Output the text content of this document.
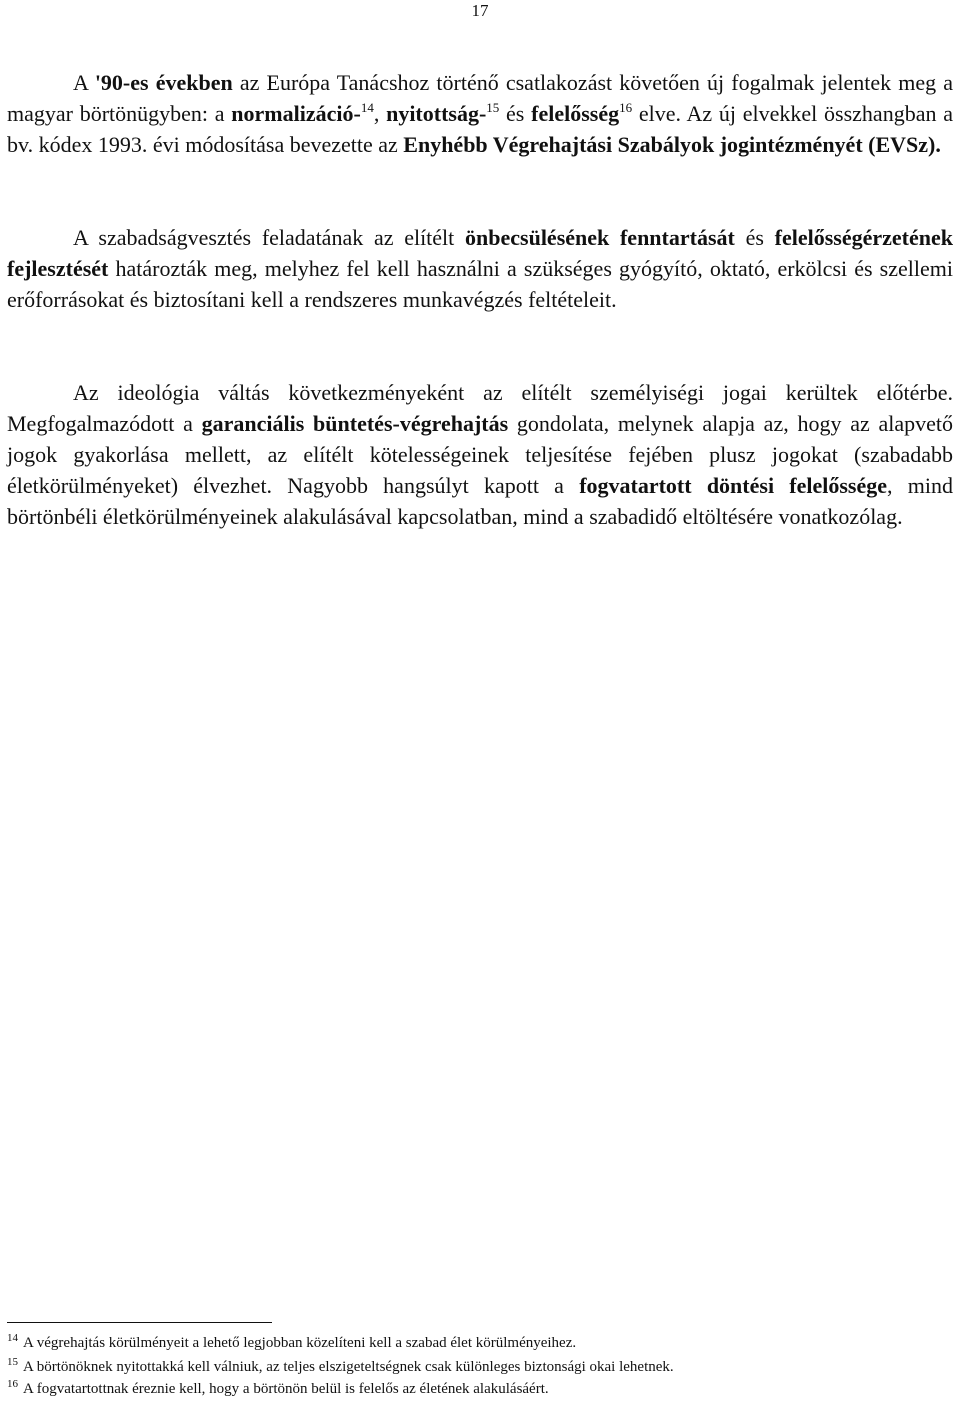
17

A '90-es években az Európa Tanácshoz történő csatlakozást követően új fogalmak jelentek meg a magyar börtönügyben: a normalizáció-$^{14}$, nyitottság-$^{15}$ és felelősség$^{16}$ elve. Az új elvekkel összhangban a bv. kódex 1993. évi módosítása bevezette az Enyhébb Végrehajtási Szabályok jogintézményét (EVSz).

A szabadságvesztés feladatának az elítélt önbecsülésének fenntartását és felelősségérzetének fejlesztését határozták meg, melyhez fel kell használni a szükséges gyógyító, oktató, erkölcsi és szellemi erőforrásokat és biztosítani kell a rendszeres munkavégzés feltételeit.

Az ideológia váltás következményeként az elítélt személyiségi jogai kerültek előtérbe. Megfogalmazódott a garanciális büntetés-végrehajtás gondolata, melynek alapja az, hogy az alapvető jogok gyakorlása mellett, az elítélt kötelességeinek teljesítése fejében plusz jogokat (szabadabb életkörülményeket) élvezhet. Nagyobb hangsúlyt kapott a fogvatartott döntési felelőssége, mind börtönbéli életkörülményeinek alakulásával kapcsolatban, mind a szabadidő eltöltésére vonatkozólag.

$^{14}$ A végrehajtás körülményeit a lehető legjobban közelíteni kell a szabad élet körülményeihez.
$^{15}$ A börtönöknek nyitottakká kell válniuk, az teljes elszigeteltségnek csak különleges biztonsági okai lehetnek.
$^{16}$ A fogvatartottnak éreznie kell, hogy a börtönön belül is felelős az életének alakulásáért.
